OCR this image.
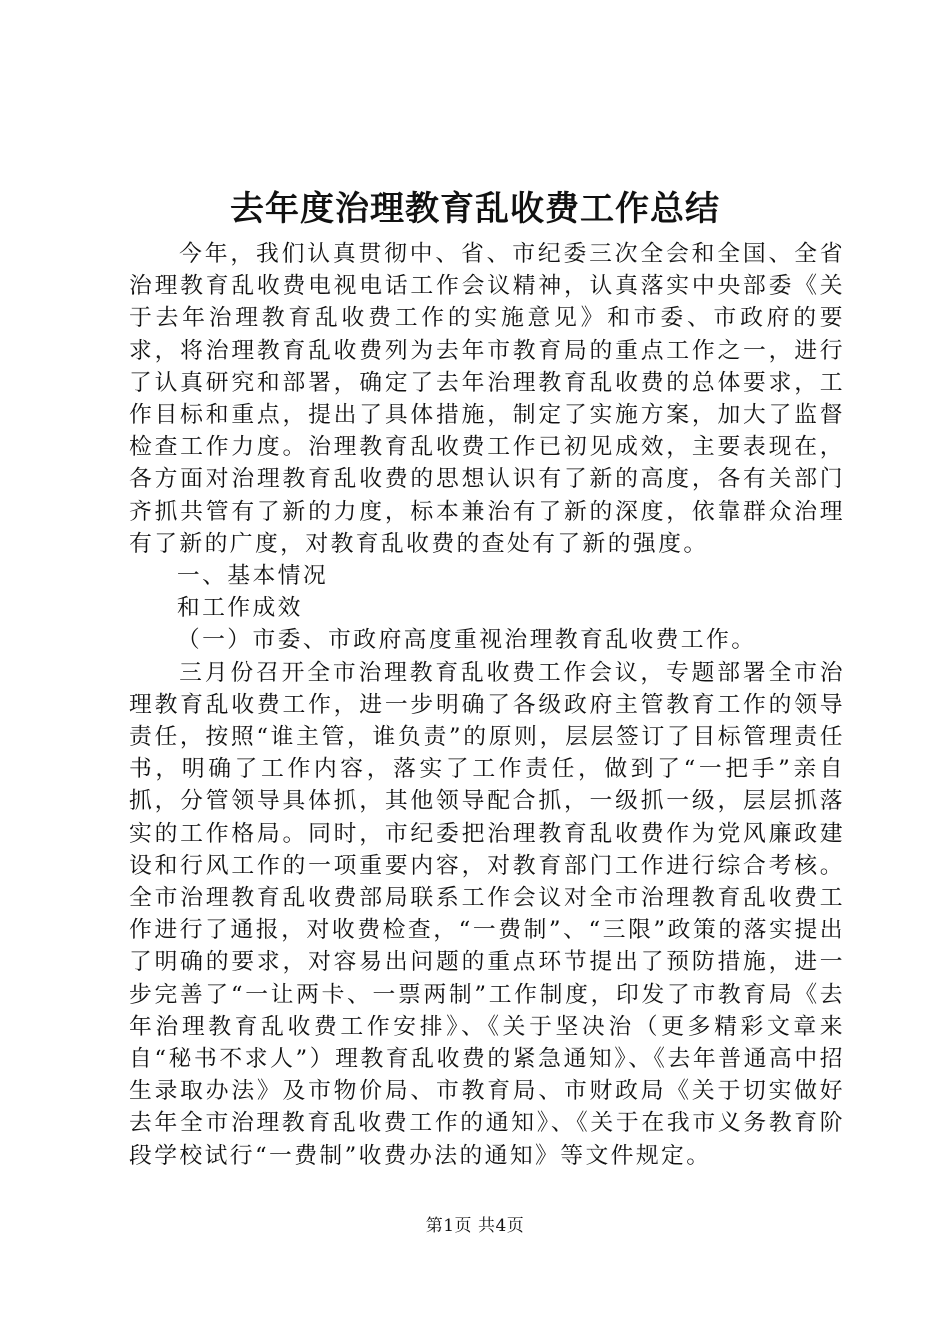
去年度治理教育乱收费工作总结

今年，我们认真贯彻中、省、市纪委三次全会和全国、全省治理教育乱收费电视电话工作会议精神，认真落实中央部委《关于去年治理教育乱收费工作的实施意见》和市委、市政府的要求，将治理教育乱收费列为去年市教育局的重点工作之一，进行了认真研究和部署，确定了去年治理教育乱收费的总体要求，工作目标和重点，提出了具体措施，制定了实施方案，加大了监督检查工作力度。治理教育乱收费工作已初见成效，主要表现在，各方面对治理教育乱收费的思想认识有了新的高度，各有关部门齐抓共管有了新的力度，标本兼治有了新的深度，依靠群众治理有了新的广度，对教育乱收费的查处有了新的强度。

一、基本情况

和工作成效

（一）市委、市政府高度重视治理教育乱收费工作。

三月份召开全市治理教育乱收费工作会议，专题部署全市治理教育乱收费工作，进一步明确了各级政府主管教育工作的领导责任，按照“谁主管，谁负责”的原则，层层签订了目标管理责任书，明确了工作内容，落实了工作责任，做到了“一把手”亲自抓，分管领导具体抓，其他领导配合抓，一级抓一级，层层抓落实的工作格局。同时，市纪委把治理教育乱收费作为党风廉政建设和行风工作的一项重要内容，对教育部门工作进行综合考核。全市治理教育乱收费部局联系工作会议对全市治理教育乱收费工作进行了通报，对收费检查，“一费制”、“三限”政策的落实提出了明确的要求，对容易出问题的重点环节提出了预防措施，进一步完善了“一让两卡、一票两制”工作制度，印发了市教育局《去年治理教育乱收费工作安排》、《关于坚决治（更多精彩文章来自“秘书不求人”）理教育乱收费的紧急通知》、《去年普通高中招生录取办法》及市物价局、市教育局、市财政局《关于切实做好去年全市治理教育乱收费工作的通知》、《关于在我市义务教育阶段学校试行“一费制”收费办法的通知》等文件规定。

第1页 共4页
